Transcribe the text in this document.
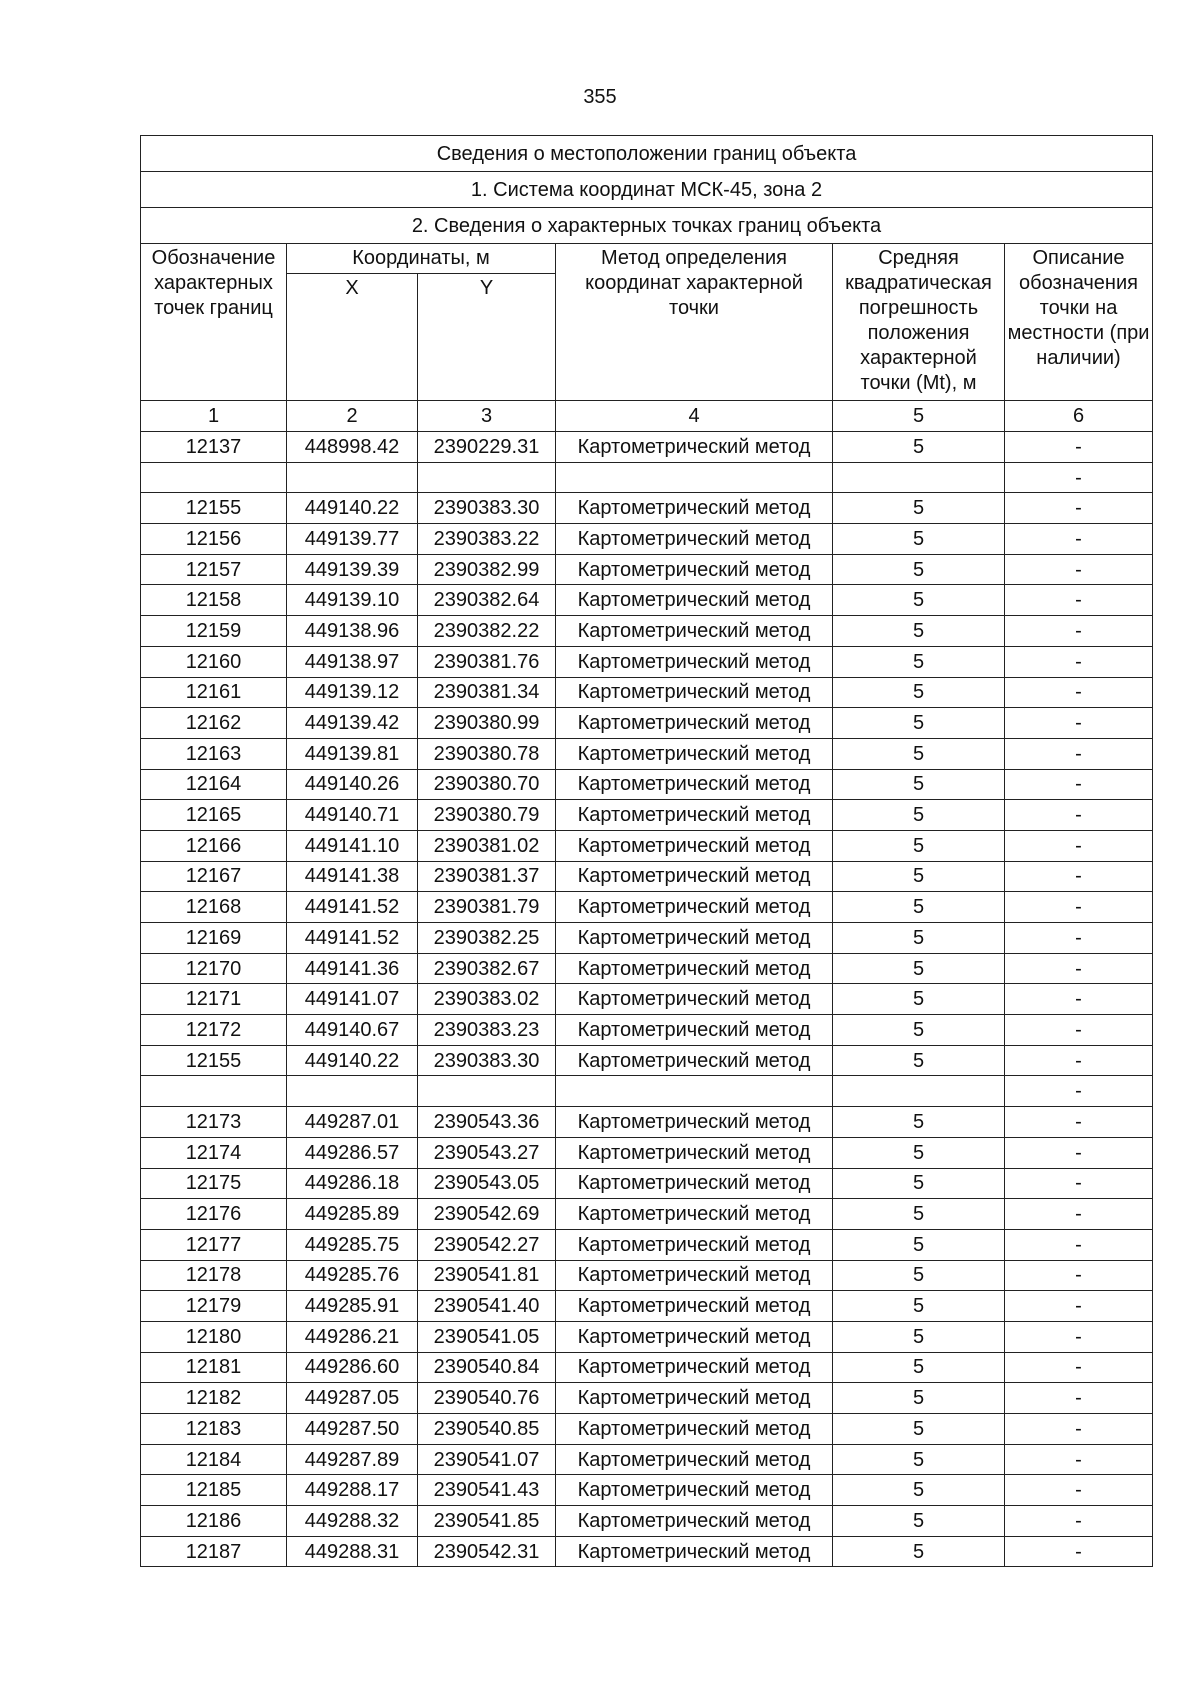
355
Сведения о местоположении границ объекта					
1. Система координат МСК-45, зона 2					
2. Сведения о характерных точках границ объекта					
Обозначение характерных точек границ	Координаты, м		Метод определения координат характерной точки	Средняя квадратическая погрешность положения характерной точки (Mt), м	Описание обозначения точки на местности (при наличии)
	X	Y			
1	2	3	4	5	6
12137	448998.42	2390229.31	Картометрический метод	5	-
					-
12155	449140.22	2390383.30	Картометрический метод	5	-
12156	449139.77	2390383.22	Картометрический метод	5	-
12157	449139.39	2390382.99	Картометрический метод	5	-
12158	449139.10	2390382.64	Картометрический метод	5	-
12159	449138.96	2390382.22	Картометрический метод	5	-
12160	449138.97	2390381.76	Картометрический метод	5	-
12161	449139.12	2390381.34	Картометрический метод	5	-
12162	449139.42	2390380.99	Картометрический метод	5	-
12163	449139.81	2390380.78	Картометрический метод	5	-
12164	449140.26	2390380.70	Картометрический метод	5	-
12165	449140.71	2390380.79	Картометрический метод	5	-
12166	449141.10	2390381.02	Картометрический метод	5	-
12167	449141.38	2390381.37	Картометрический метод	5	-
12168	449141.52	2390381.79	Картометрический метод	5	-
12169	449141.52	2390382.25	Картометрический метод	5	-
12170	449141.36	2390382.67	Картометрический метод	5	-
12171	449141.07	2390383.02	Картометрический метод	5	-
12172	449140.67	2390383.23	Картометрический метод	5	-
12155	449140.22	2390383.30	Картометрический метод	5	-
					-
12173	449287.01	2390543.36	Картометрический метод	5	-
12174	449286.57	2390543.27	Картометрический метод	5	-
12175	449286.18	2390543.05	Картометрический метод	5	-
12176	449285.89	2390542.69	Картометрический метод	5	-
12177	449285.75	2390542.27	Картометрический метод	5	-
12178	449285.76	2390541.81	Картометрический метод	5	-
12179	449285.91	2390541.40	Картометрический метод	5	-
12180	449286.21	2390541.05	Картометрический метод	5	-
12181	449286.60	2390540.84	Картометрический метод	5	-
12182	449287.05	2390540.76	Картометрический метод	5	-
12183	449287.50	2390540.85	Картометрический метод	5	-
12184	449287.89	2390541.07	Картометрический метод	5	-
12185	449288.17	2390541.43	Картометрический метод	5	-
12186	449288.32	2390541.85	Картометрический метод	5	-
12187	449288.31	2390542.31	Картометрический метод	5	-
